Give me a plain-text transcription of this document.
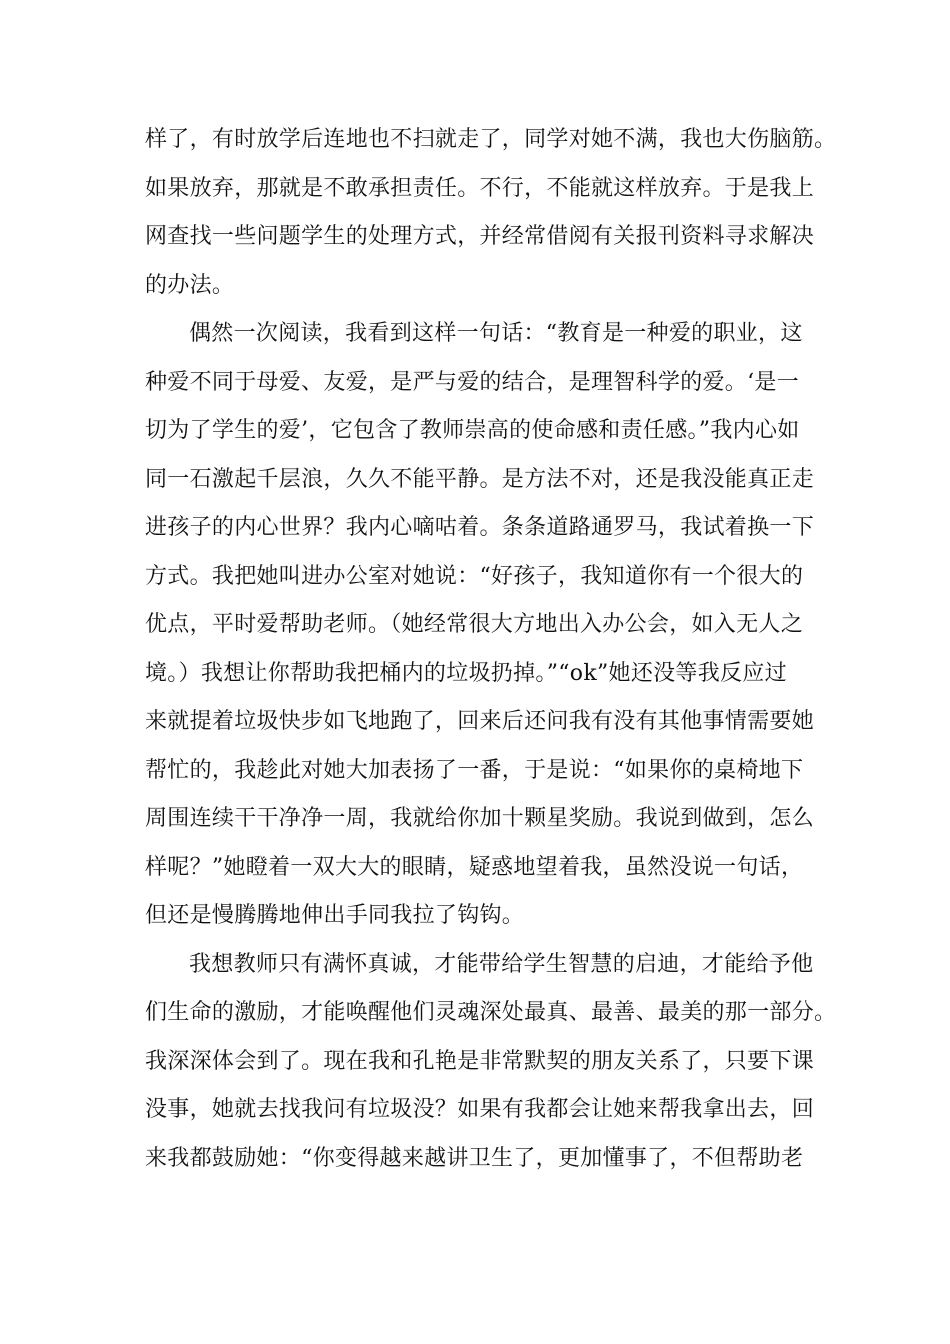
样了，有时放学后连地也不扫就走了，同学对她不满，我也大伤脑筋。
如果放弃，那就是不敢承担责任。不行，不能就这样放弃。于是我上
网查找一些问题学生的处理方式，并经常借阅有关报刊资料寻求解决
的办法。
偶然一次阅读，我看到这样一句话：“教育是一种爱的职业，这
种爱不同于母爱、友爱，是严与爱的结合，是理智科学的爱。‘是一
切为了学生的爱’，它包含了教师崇高的使命感和责任感。”我内心如
同一石激起千层浪，久久不能平静。是方法不对，还是我没能真正走
进孩子的内心世界？我内心嘀咕着。条条道路通罗马，我试着换一下
方式。我把她叫进办公室对她说：“好孩子，我知道你有一个很大的
优点，平时爱帮助老师。（她经常很大方地出入办公会，如入无人之
境。）我想让你帮助我把桶内的垃圾扔掉。”“ok”她还没等我反应过
来就提着垃圾快步如飞地跑了，回来后还问我有没有其他事情需要她
帮忙的，我趁此对她大加表扬了一番，于是说：“如果你的桌椅地下
周围连续干干净净一周，我就给你加十颗星奖励。我说到做到，怎么
样呢？”她瞪着一双大大的眼睛，疑惑地望着我，虽然没说一句话，
但还是慢腾腾地伸出手同我拉了钩钩。
我想教师只有满怀真诚，才能带给学生智慧的启迪，才能给予他
们生命的激励，才能唤醒他们灵魂深处最真、最善、最美的那一部分。
我深深体会到了。现在我和孔艳是非常默契的朋友关系了，只要下课
没事，她就去找我问有垃圾没？如果有我都会让她来帮我拿出去，回
来我都鼓励她：“你变得越来越讲卫生了，更加懂事了，不但帮助老
